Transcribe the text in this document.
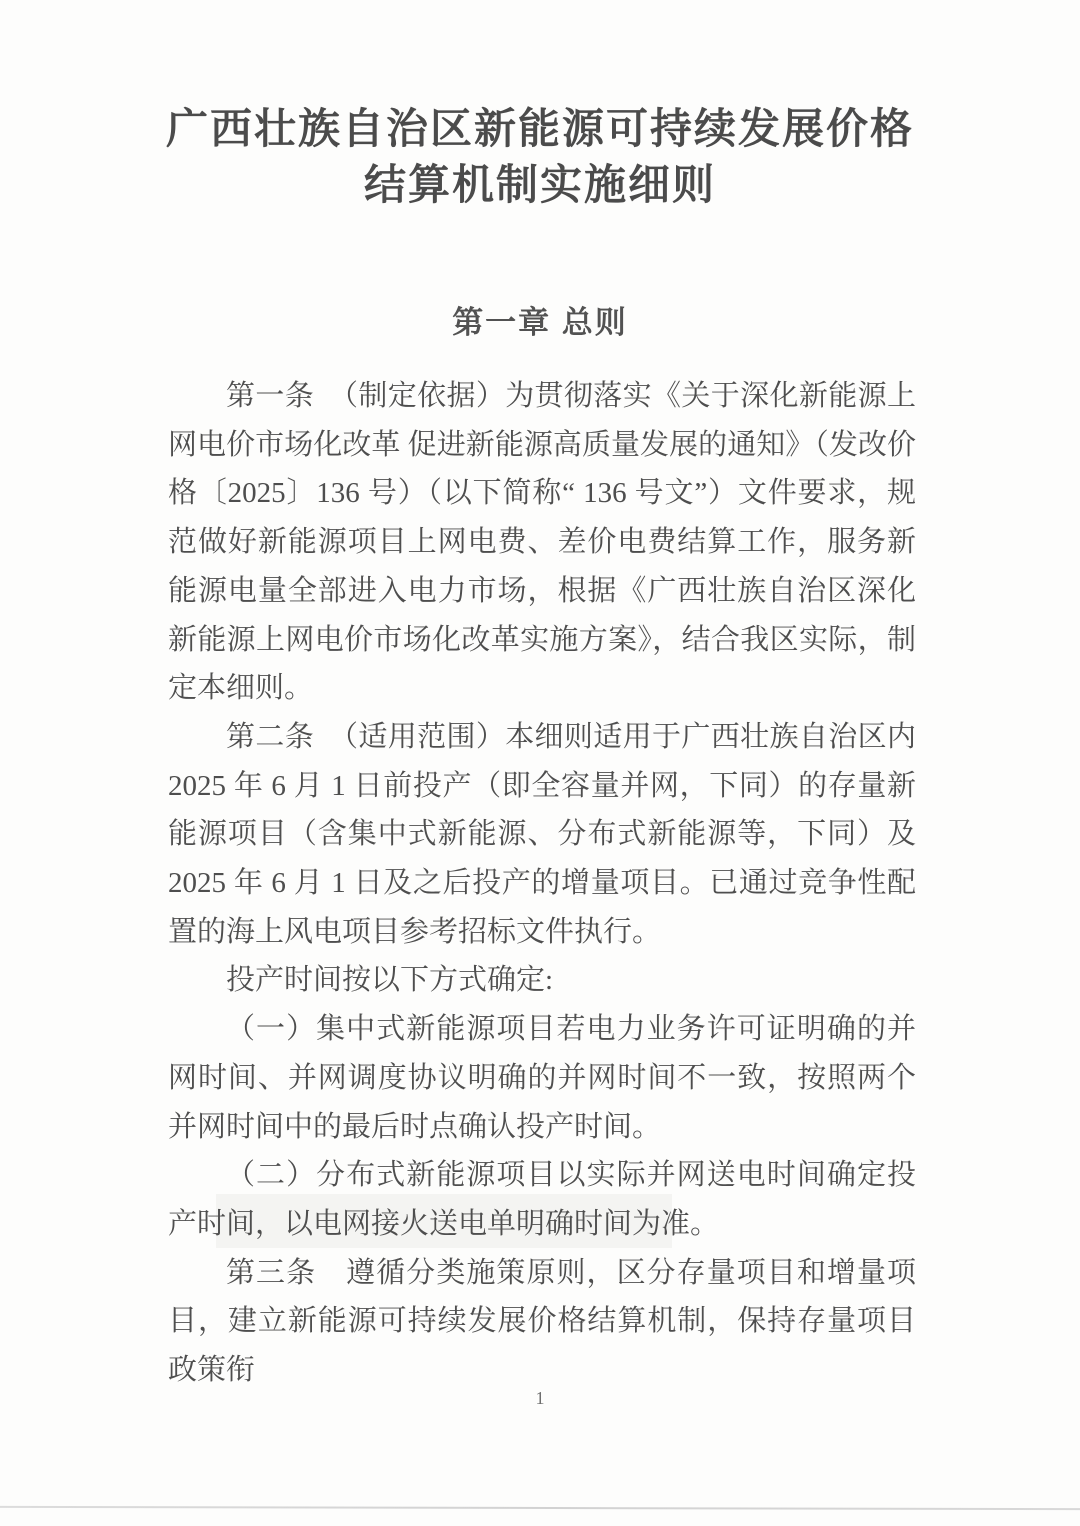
广西壮族自治区新能源可持续发展价格
结算机制实施细则
第一章 总则

第一条　（制定依据）为贯彻落实《关于深化新能源上网电价市场化改革 促进新能源高质量发展的通知》（发改价格〔2025〕136 号）（以下简称“ 136 号文”）文件要求，规范做好新能源项目上网电费、差价电费结算工作，服务新能源电量全部进入电力市场，根据《广西壮族自治区深化新能源上网电价市场化改革实施方案》，结合我区实际，制定本细则。

第二条　（适用范围）本细则适用于广西壮族自治区内 2025 年 6 月 1 日前投产（即全容量并网，下同）的存量新能源项目（含集中式新能源、分布式新能源等，下同）及 2025 年 6 月 1 日及之后投产的增量项目。已通过竞争性配置的海上风电项目参考招标文件执行。

投产时间按以下方式确定:

（一）集中式新能源项目若电力业务许可证明确的并网时间、并网调度协议明确的并网时间不一致，按照两个并网时间中的最后时点确认投产时间。

（二）分布式新能源项目以实际并网送电时间确定投产时间，以电网接火送电单明确时间为准。

第三条　遵循分类施策原则，区分存量项目和增量项目，建立新能源可持续发展价格结算机制，保持存量项目政策衔

1
